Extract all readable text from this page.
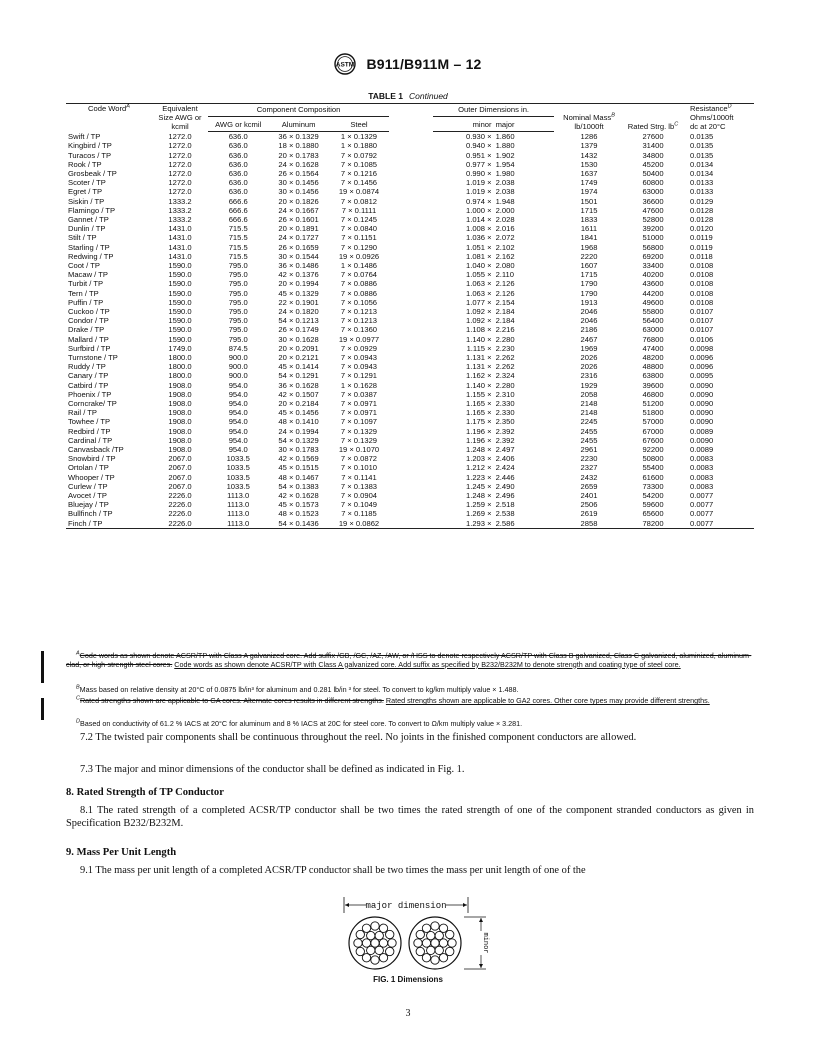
ASTM B911/B911M – 12
TABLE 1 Continued
Code Word$^A$	Equivalent Size AWG or kcmil	Component Composition				Outer Dimensions in.		Nominal Mass$^B$
lb/1000ft	Rated Strg. $lb^C$	Resistance$^D$
Ohms/1000ft
dc at 20°C
		AWG or kcmil	Aluminum	Steel		minor	major			
Swift / TP	1272.0	636.0	36 × 0.1329	1 × 0.1329		0.930 ×	1.860	1286	27600	0.0135
Kingbird / TP	1272.0	636.0	18 × 0.1880	1 × 0.1880		0.940 ×	1.880	1379	31400	0.0135
Turacos / TP	1272.0	636.0	20 × 0.1783	7 × 0.0792		0.951 ×	1.902	1432	34800	0.0135
Rook / TP	1272.0	636.0	24 × 0.1628	7 × 0.1085		0.977 ×	1.954	1530	45200	0.0134
Grosbeak / TP	1272.0	636.0	26 × 0.1564	7 × 0.1216		0.990 ×	1.980	1637	50400	0.0134
Scoter / TP	1272.0	636.0	30 × 0.1456	7 × 0.1456		1.019 ×	2.038	1749	60800	0.0133
Egret / TP	1272.0	636.0	30 × 0.1456	19 × 0.0874		1.019 ×	2.038	1974	63000	0.0133
Siskin / TP	1333.2	666.6	20 × 0.1826	7 × 0.0812		0.974 ×	1.948	1501	36600	0.0129
Flamingo / TP	1333.2	666.6	24 × 0.1667	7 × 0.1111		1.000 ×	2.000	1715	47600	0.0128
Gannet / TP	1333.2	666.6	26 × 0.1601	7 × 0.1245		1.014 ×	2.028	1833	52800	0.0128
Dunlin / TP	1431.0	715.5	20 × 0.1891	7 × 0.0840		1.008 ×	2.016	1611	39200	0.0120
Stilt / TP	1431.0	715.5	24 × 0.1727	7 × 0.1151		1.036 ×	2.072	1841	51000	0.0119
Starling / TP	1431.0	715.5	26 × 0.1659	7 × 0.1290		1.051 ×	2.102	1968	56800	0.0119
Redwing / TP	1431.0	715.5	30 × 0.1544	19 × 0.0926		1.081 ×	2.162	2220	69200	0.0118
Coot / TP	1590.0	795.0	36 × 0.1486	1 × 0.1486		1.040 ×	2.080	1607	33400	0.0108
Macaw / TP	1590.0	795.0	42 × 0.1376	7 × 0.0764		1.055 ×	2.110	1715	40200	0.0108
Turbit / TP	1590.0	795.0	20 × 0.1994	7 × 0.0886		1.063 ×	2.126	1790	43600	0.0108
Tern / TP	1590.0	795.0	45 × 0.1329	7 × 0.0886		1.063 ×	2.126	1790	44200	0.0108
Puffin / TP	1590.0	795.0	22 × 0.1901	7 × 0.1056		1.077 ×	2.154	1913	49600	0.0108
Cuckoo / TP	1590.0	795.0	24 × 0.1820	7 × 0.1213		1.092 ×	2.184	2046	55800	0.0107
Condor / TP	1590.0	795.0	54 × 0.1213	7 × 0.1213		1.092 ×	2.184	2046	56400	0.0107
Drake / TP	1590.0	795.0	26 × 0.1749	7 × 0.1360		1.108 ×	2.216	2186	63000	0.0107
Mallard / TP	1590.0	795.0	30 × 0.1628	19 × 0.0977		1.140 ×	2.280	2467	76800	0.0106
Surfbird / TP	1749.0	874.5	20 × 0.2091	7 × 0.0929		1.115 ×	2.230	1969	47400	0.0098
Turnstone / TP	1800.0	900.0	20 × 0.2121	7 × 0.0943		1.131 ×	2.262	2026	48200	0.0096
Ruddy / TP	1800.0	900.0	45 × 0.1414	7 × 0.0943		1.131 ×	2.262	2026	48800	0.0096
Canary / TP	1800.0	900.0	54 × 0.1291	7 × 0.1291		1.162 ×	2.324	2316	63800	0.0095
Catbird / TP	1908.0	954.0	36 × 0.1628	1 × 0.1628		1.140 ×	2.280	1929	39600	0.0090
Phoenix / TP	1908.0	954.0	42 × 0.1507	7 × 0.0387		1.155 ×	2.310	2058	46800	0.0090
Corncrake/ TP	1908.0	954.0	20 × 0.2184	7 × 0.0971		1.165 ×	2.330	2148	51200	0.0090
Rail / TP	1908.0	954.0	45 × 0.1456	7 × 0.0971		1.165 ×	2.330	2148	51800	0.0090
Towhee / TP	1908.0	954.0	48 × 0.1410	7 × 0.1097		1.175 ×	2.350	2245	57000	0.0090
Redbird / TP	1908.0	954.0	24 × 0.1994	7 × 0.1329		1.196 ×	2.392	2455	67000	0.0089
Cardinal / TP	1908.0	954.0	54 × 0.1329	7 × 0.1329		1.196 ×	2.392	2455	67600	0.0090
Canvasback /TP	1908.0	954.0	30 × 0.1783	19 × 0.1070		1.248 ×	2.497	2961	92200	0.0089
Snowbird / TP	2067.0	1033.5	42 × 0.1569	7 × 0.0872		1.203 ×	2.406	2230	50800	0.0083
Ortolan / TP	2067.0	1033.5	45 × 0.1515	7 × 0.1010		1.212 ×	2.424	2327	55400	0.0083
Whooper / TP	2067.0	1033.5	48 × 0.1467	7 × 0.1141		1.223 ×	2.446	2432	61600	0.0083
Curlew / TP	2067.0	1033.5	54 × 0.1383	7 × 0.1383		1.245 ×	2.490	2659	73300	0.0083
Avocet / TP	2226.0	1113.0	42 × 0.1628	7 × 0.0904		1.248 ×	2.496	2401	54200	0.0077
Bluejay / TP	2226.0	1113.0	45 × 0.1573	7 × 0.1049		1.259 ×	2.518	2506	59600	0.0077
Bullfinch / TP	2226.0	1113.0	48 × 0.1523	7 × 0.1185		1.269 ×	2.538	2619	65600	0.0077
Finch / TP	2226.0	1113.0	54 × 0.1436	19 × 0.0862		1.293 ×	2.586	2858	78200	0.0077
$^A$Code words as shown denote ACSR/TP with Class A galvanized core. Add suffix /GB, /GC, /AZ, /AW, or /HSS to denote respectively ACSR/TP with Class B galvanized, Class C galvanized, aluminized, aluminum-clad, or high-strength steel cores. Code words as shown denote ACSR/TP with Class A galvanized core. Add suffix as specified by B232/B232M to denote strength and coating type of steel core.
$^B$Mass based on relative density at 20°C of 0.0875 lb/in³ for aluminum and 0.281 lb/in ³ for steel. To convert to kg/km multiply value × 1.488.
$^C$Rated strengths shown are applicable to GA cores. Alternate cores results in different strengths. Rated strengths shown are applicable to GA2 cores. Other core types may provide different strengths.
$^D$Based on conductivity of 61.2 % IACS at 20°C for aluminum and 8 % IACS at 20C for steel core. To convert to Ω/km multiply value × 3.281.
7.2 The twisted pair components shall be continuous throughout the reel. No joints in the finished component conductors are allowed.
7.3 The major and minor dimensions of the conductor shall be defined as indicated in Fig. 1.
8. Rated Strength of TP Conductor
8.1 The rated strength of a completed ACSR/TP conductor shall be two times the rated strength of one of the component stranded conductors as given in Specification B232/B232M.
9. Mass Per Unit Length
9.1 The mass per unit length of a completed ACSR/TP conductor shall be two times the mass per unit length of one of the
major dimension
minor
FIG. 1 Dimensions
3
